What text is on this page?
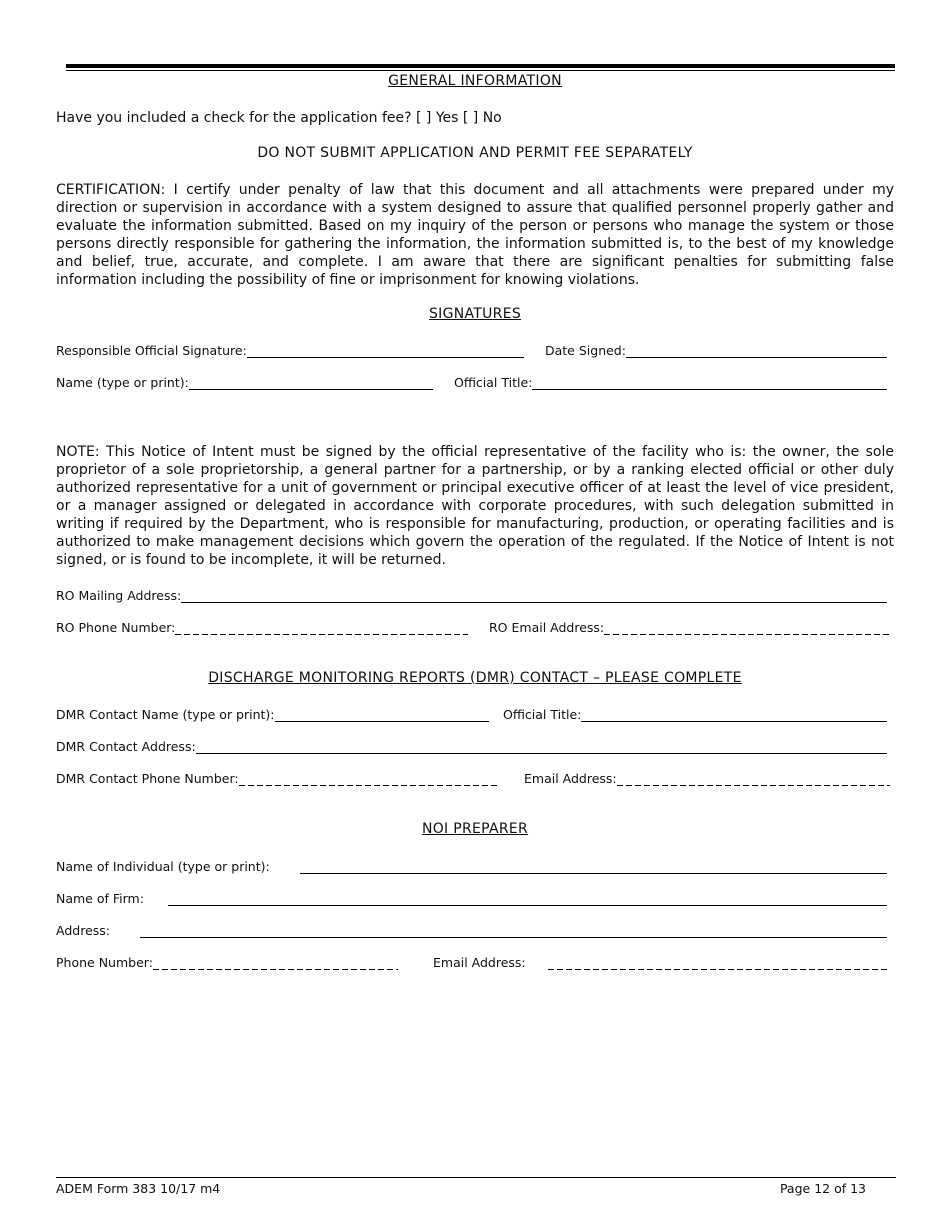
GENERAL INFORMATION
Have you included a check for the application fee? [ ] Yes [ ] No
DO NOT SUBMIT APPLICATION AND PERMIT FEE SEPARATELY
CERTIFICATION: I certify under penalty of law that this document and all attachments were prepared under my direction or supervision in accordance with a system designed to assure that qualified personnel properly gather and evaluate the information submitted. Based on my inquiry of the person or persons who manage the system or those persons directly responsible for gathering the information, the information submitted is, to the best of my knowledge and belief, true, accurate, and complete. I am aware that there are significant penalties for submitting false information including the possibility of fine or imprisonment for knowing violations.
SIGNATURES
Responsible Official Signature:	Date Signed:
Name (type or print):	Official Title:
NOTE: This Notice of Intent must be signed by the official representative of the facility who is: the owner, the sole proprietor of a sole proprietorship, a general partner for a partnership, or by a ranking elected official or other duly authorized representative for a unit of government or principal executive officer of at least the level of vice president, or a manager assigned or delegated in accordance with corporate procedures, with such delegation submitted in writing if required by the Department, who is responsible for manufacturing, production, or operating facilities and is authorized to make management decisions which govern the operation of the regulated. If the Notice of Intent is not signed, or is found to be incomplete, it will be returned.
RO Mailing Address:
RO Phone Number:	RO Email Address:
DISCHARGE MONITORING REPORTS (DMR) CONTACT – PLEASE COMPLETE
DMR Contact Name (type or print):	Official Title:
DMR Contact Address:
DMR Contact Phone Number:	Email Address:
NOI PREPARER
Name of Individual (type or print):
Name of Firm:
Address:
Phone Number:	Email Address:
ADEM Form 383 10/17 m4	Page 12 of 13
